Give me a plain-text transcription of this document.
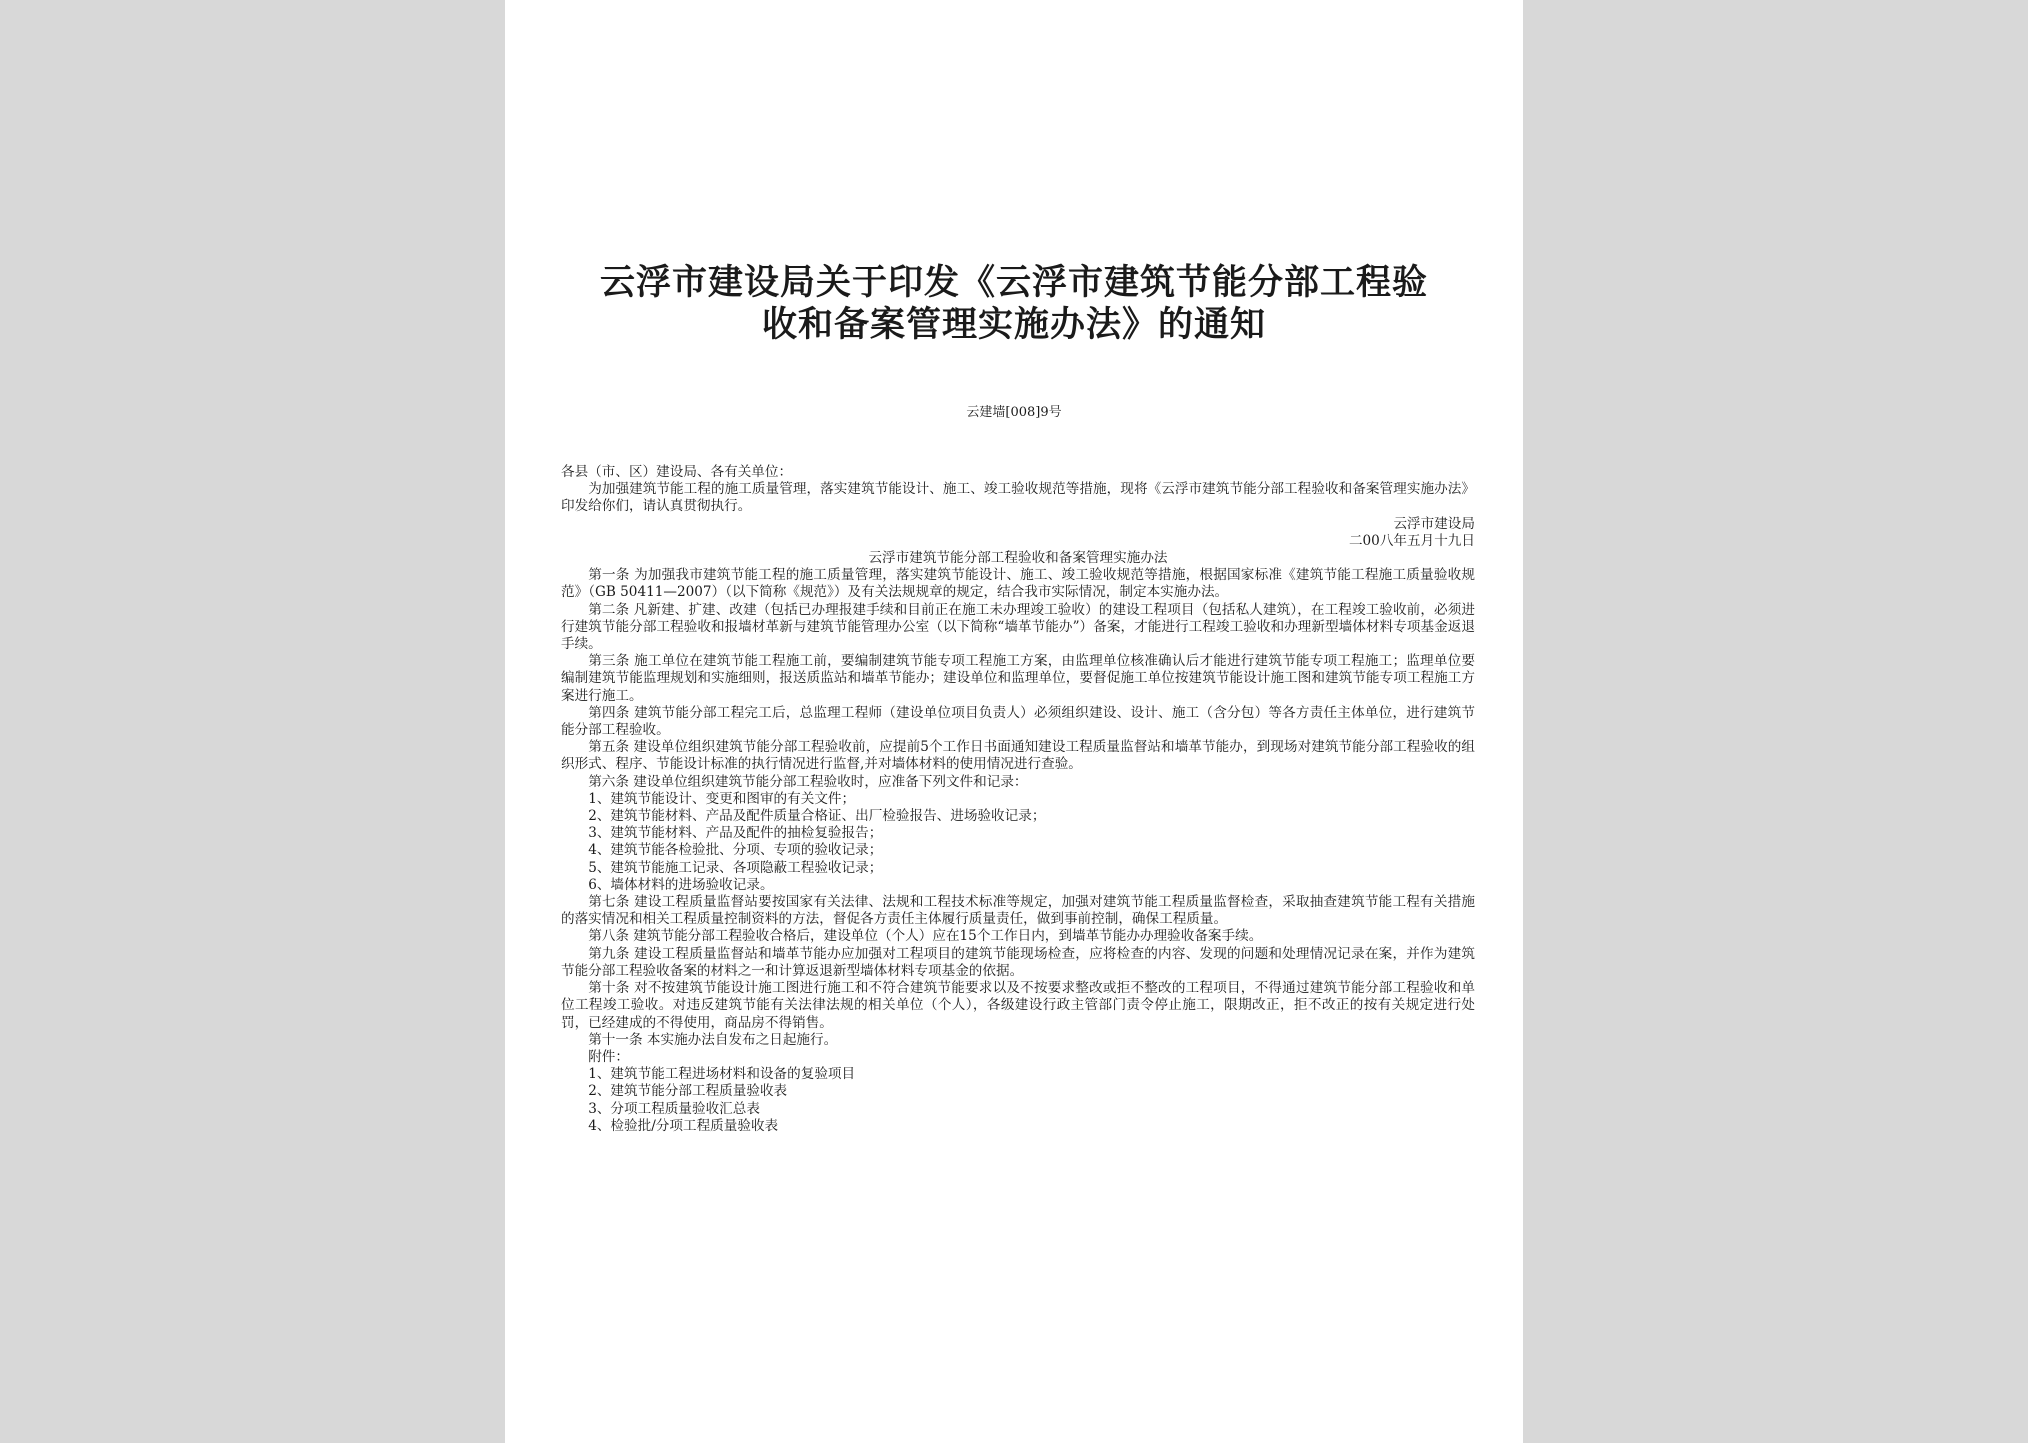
云浮市建设局关于印发《云浮市建筑节能分部工程验
收和备案管理实施办法》的通知
云建墙[008]9号

各县（市、区）建设局、各有关单位：

为加强建筑节能工程的施工质量管理，落实建筑节能设计、施工、竣工验收规范等措施，现将《云浮市建筑节能分部工程验收和备案管理实施办法》印发给你们，请认真贯彻执行。

云浮市建设局

二00八年五月十九日

云浮市建筑节能分部工程验收和备案管理实施办法

第一条 为加强我市建筑节能工程的施工质量管理，落实建筑节能设计、施工、竣工验收规范等措施，根据国家标准《建筑节能工程施工质量验收规范》（GB 50411—2007）（以下简称《规范》）及有关法规规章的规定，结合我市实际情况，制定本实施办法。

第二条 凡新建、扩建、改建（包括已办理报建手续和目前正在施工未办理竣工验收）的建设工程项目（包括私人建筑），在工程竣工验收前，必须进行建筑节能分部工程验收和报墙材革新与建筑节能管理办公室（以下简称“墙革节能办”）备案，才能进行工程竣工验收和办理新型墙体材料专项基金返退手续。

第三条 施工单位在建筑节能工程施工前，要编制建筑节能专项工程施工方案，由监理单位核准确认后才能进行建筑节能专项工程施工；监理单位要编制建筑节能监理规划和实施细则，报送质监站和墙革节能办；建设单位和监理单位，要督促施工单位按建筑节能设计施工图和建筑节能专项工程施工方案进行施工。

第四条 建筑节能分部工程完工后，总监理工程师（建设单位项目负责人）必须组织建设、设计、施工（含分包）等各方责任主体单位，进行建筑节能分部工程验收。

第五条 建设单位组织建筑节能分部工程验收前，应提前5个工作日书面通知建设工程质量监督站和墙革节能办，到现场对建筑节能分部工程验收的组织形式、程序、节能设计标准的执行情况进行监督,并对墙体材料的使用情况进行查验。

第六条 建设单位组织建筑节能分部工程验收时，应准备下列文件和记录：

1、建筑节能设计、变更和图审的有关文件；
2、建筑节能材料、产品及配件质量合格证、出厂检验报告、进场验收记录；
3、建筑节能材料、产品及配件的抽检复验报告；
4、建筑节能各检验批、分项、专项的验收记录；
5、建筑节能施工记录、各项隐蔽工程验收记录；
6、墙体材料的进场验收记录。

第七条 建设工程质量监督站要按国家有关法律、法规和工程技术标准等规定，加强对建筑节能工程质量监督检查，采取抽查建筑节能工程有关措施的落实情况和相关工程质量控制资料的方法，督促各方责任主体履行质量责任，做到事前控制，确保工程质量。

第八条 建筑节能分部工程验收合格后，建设单位（个人）应在15个工作日内，到墙革节能办办理验收备案手续。

第九条 建设工程质量监督站和墙革节能办应加强对工程项目的建筑节能现场检查，应将检查的内容、发现的问题和处理情况记录在案，并作为建筑节能分部工程验收备案的材料之一和计算返退新型墙体材料专项基金的依据。

第十条 对不按建筑节能设计施工图进行施工和不符合建筑节能要求以及不按要求整改或拒不整改的工程项目，不得通过建筑节能分部工程验收和单位工程竣工验收。对违反建筑节能有关法律法规的相关单位（个人），各级建设行政主管部门责令停止施工，限期改正，拒不改正的按有关规定进行处罚，已经建成的不得使用，商品房不得销售。

第十一条 本实施办法自发布之日起施行。

附件：

1、建筑节能工程进场材料和设备的复验项目
2、建筑节能分部工程质量验收表
3、分项工程质量验收汇总表
4、检验批/分项工程质量验收表
